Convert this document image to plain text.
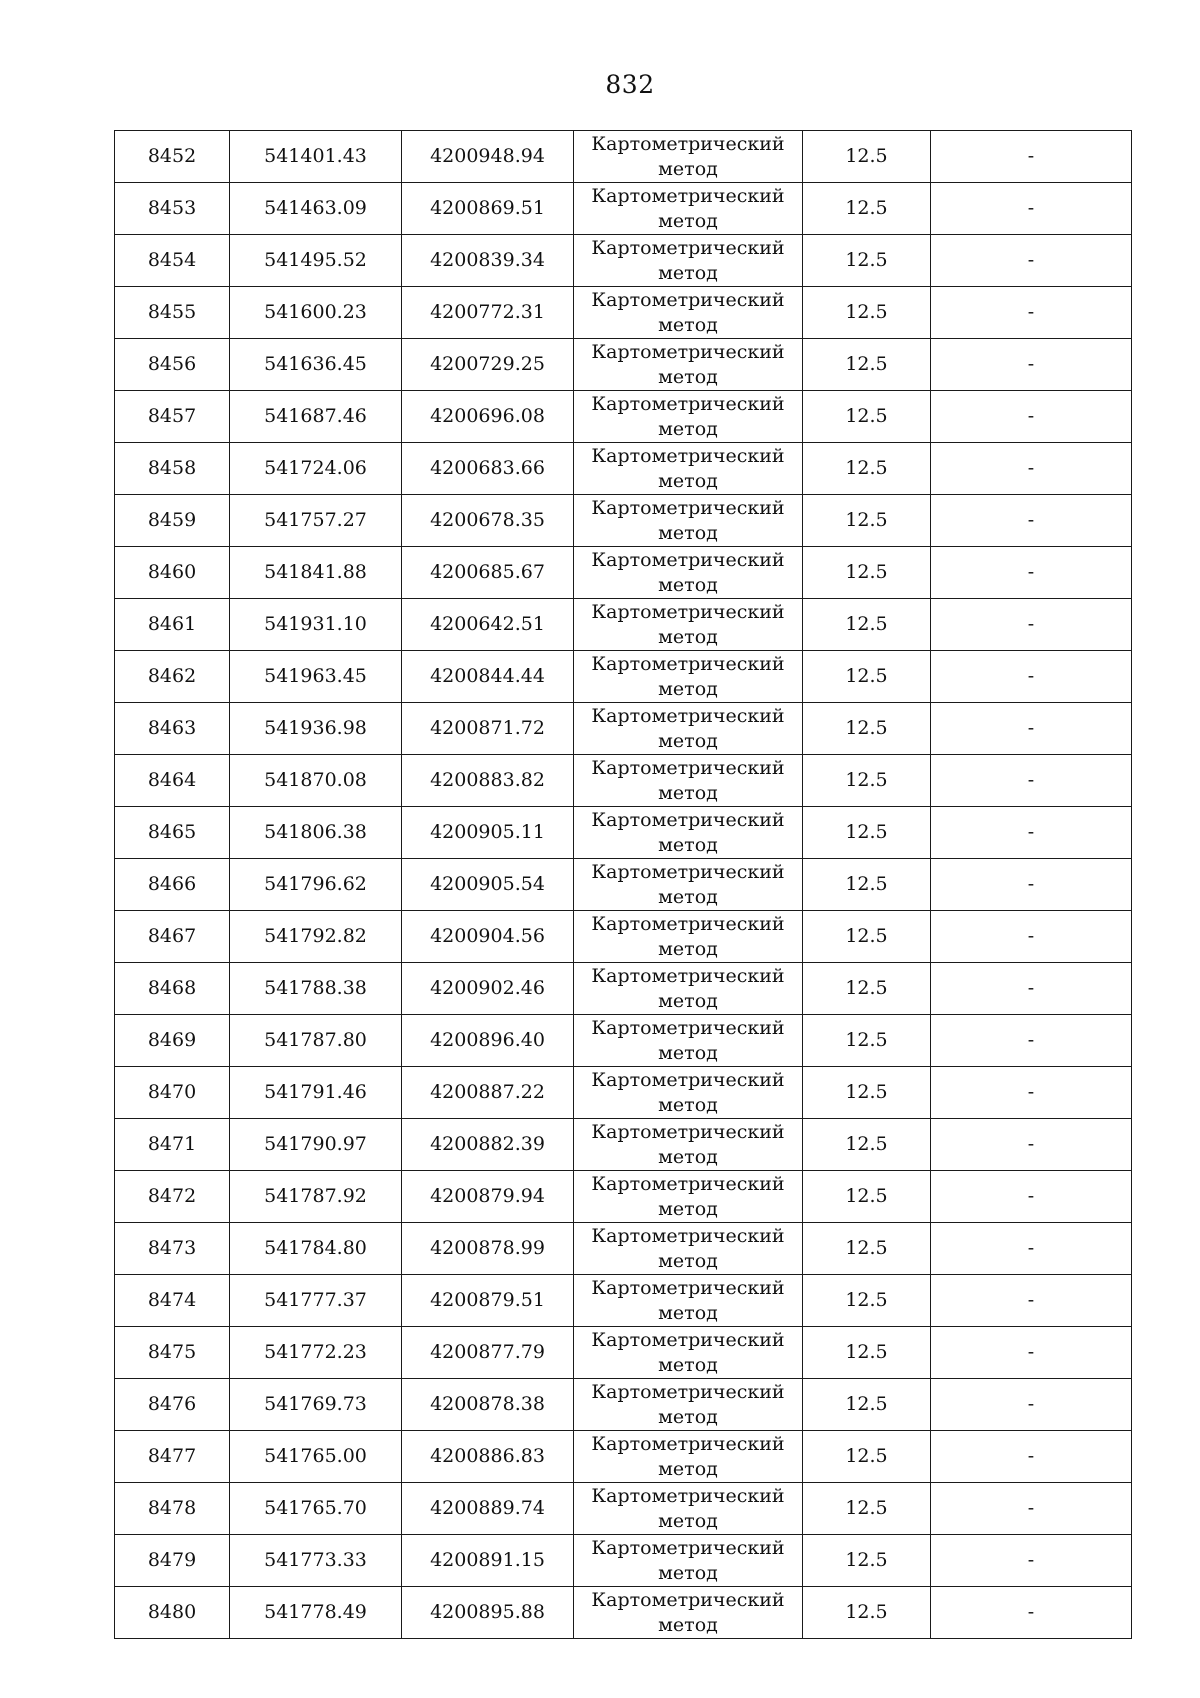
832
8452	541401.43	4200948.94	Картометрический
метод	12.5	-
8453	541463.09	4200869.51	Картометрический
метод	12.5	-
8454	541495.52	4200839.34	Картометрический
метод	12.5	-
8455	541600.23	4200772.31	Картометрический
метод	12.5	-
8456	541636.45	4200729.25	Картометрический
метод	12.5	-
8457	541687.46	4200696.08	Картометрический
метод	12.5	-
8458	541724.06	4200683.66	Картометрический
метод	12.5	-
8459	541757.27	4200678.35	Картометрический
метод	12.5	-
8460	541841.88	4200685.67	Картометрический
метод	12.5	-
8461	541931.10	4200642.51	Картометрический
метод	12.5	-
8462	541963.45	4200844.44	Картометрический
метод	12.5	-
8463	541936.98	4200871.72	Картометрический
метод	12.5	-
8464	541870.08	4200883.82	Картометрический
метод	12.5	-
8465	541806.38	4200905.11	Картометрический
метод	12.5	-
8466	541796.62	4200905.54	Картометрический
метод	12.5	-
8467	541792.82	4200904.56	Картометрический
метод	12.5	-
8468	541788.38	4200902.46	Картометрический
метод	12.5	-
8469	541787.80	4200896.40	Картометрический
метод	12.5	-
8470	541791.46	4200887.22	Картометрический
метод	12.5	-
8471	541790.97	4200882.39	Картометрический
метод	12.5	-
8472	541787.92	4200879.94	Картометрический
метод	12.5	-
8473	541784.80	4200878.99	Картометрический
метод	12.5	-
8474	541777.37	4200879.51	Картометрический
метод	12.5	-
8475	541772.23	4200877.79	Картометрический
метод	12.5	-
8476	541769.73	4200878.38	Картометрический
метод	12.5	-
8477	541765.00	4200886.83	Картометрический
метод	12.5	-
8478	541765.70	4200889.74	Картометрический
метод	12.5	-
8479	541773.33	4200891.15	Картометрический
метод	12.5	-
8480	541778.49	4200895.88	Картометрический
метод	12.5	-
